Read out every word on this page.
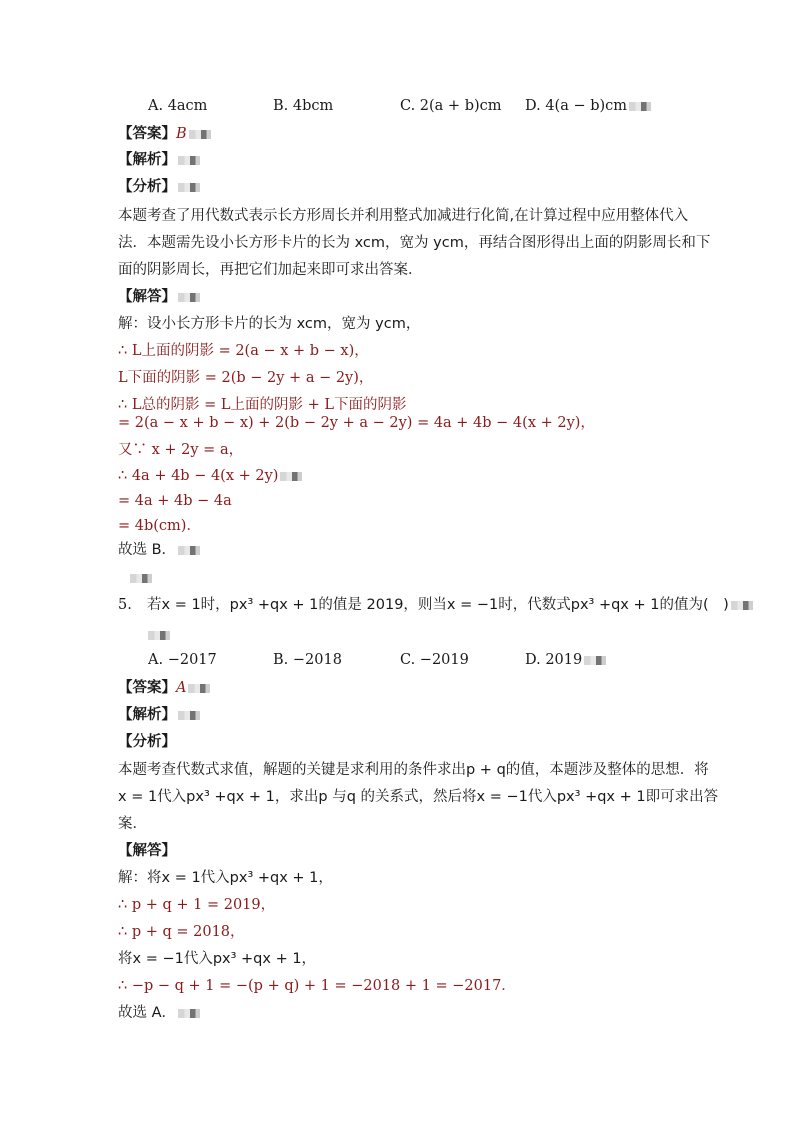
A. 4acm	B. 4bcm	C. 2(a + b)cm D. 4(a − b)cm
【答案】B
【解析】
【分析】
本题考查了用代数式表示长方形周长并利用整式加减进行化简,在计算过程中应用整体代入
法．本题需先设小长方形卡片的长为 xcm，宽为 ycm，再结合图形得出上面的阴影周长和下
面的阴影周长，再把它们加起来即可求出答案．
【解答】
解：设小长方形卡片的长为 xcm，宽为 ycm，
∴ L上面的阴影 = 2(a − x + b − x)，
L下面的阴影 = 2(b − 2y + a − 2y)，
∴ L总的阴影 = L上面的阴影 + L下面的阴影
= 2(a − x + b − x) + 2(b − 2y + a − 2y) = 4a + 4b − 4(x + 2y)，
又∵ x + 2y = a，
∴ 4a + 4b − 4(x + 2y)
= 4a + 4b − 4a
= 4b(cm)．
故选 B．
5. 若x = 1时，px³ +qx + 1的值是 2019，则当x = −1时，代数式px³ +qx + 1的值为(　)
A. −2017	B. −2018	C. −2019	D. 2019
【答案】A
【解析】
【分析】
本题考查代数式求值，解题的关键是求利用的条件求出p + q的值，本题涉及整体的思想．将
x = 1代入px³ +qx + 1，求出p 与q 的关系式，然后将x = −1代入px³ +qx + 1即可求出答
案．
【解答】
解：将x = 1代入px³ +qx + 1，
∴ p + q + 1 = 2019，
∴ p + q = 2018，
将x = −1代入px³ +qx + 1，
∴ −p − q + 1 = −(p + q) + 1 = −2018 + 1 = −2017．
故选 A．
